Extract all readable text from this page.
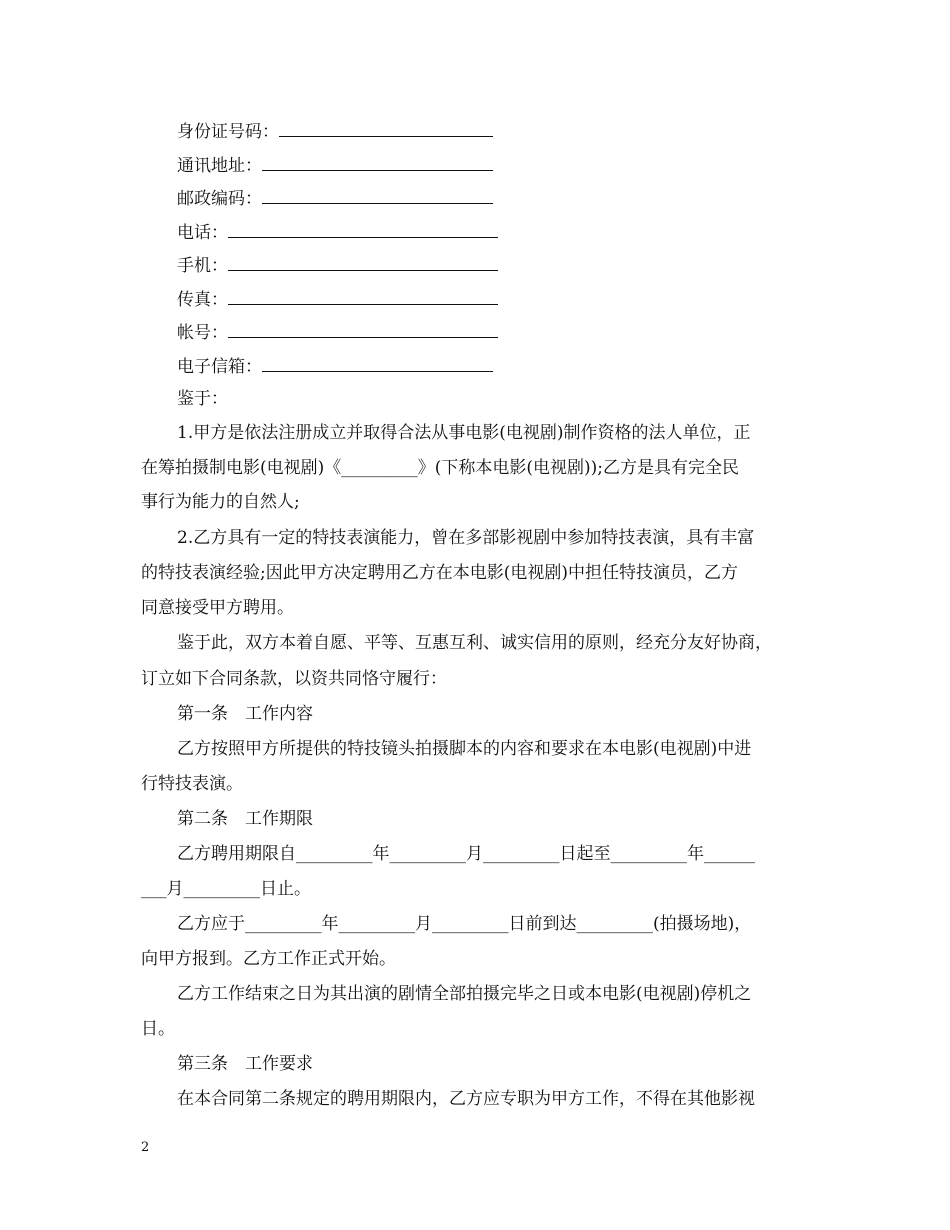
身份证号码：
通讯地址：
邮政编码：
电话：
手机：
传真：
帐号：
电子信箱：
鉴于：
1.甲方是依法注册成立并取得合法从事电影(电视剧)制作资格的法人单位，正
在筹拍摄制电影(电视剧)《_________》(下称本电影(电视剧));乙方是具有完全民
事行为能力的自然人;
2.乙方具有一定的特技表演能力，曾在多部影视剧中参加特技表演，具有丰富
的特技表演经验;因此甲方决定聘用乙方在本电影(电视剧)中担任特技演员，乙方
同意接受甲方聘用。
鉴于此，双方本着自愿、平等、互惠互利、诚实信用的原则，经充分友好协商，
订立如下合同条款，以资共同恪守履行：
第一条　工作内容
乙方按照甲方所提供的特技镜头拍摄脚本的内容和要求在本电影(电视剧)中进
行特技表演。
第二条　工作期限
乙方聘用期限自_________年_________月_________日起至_________年______
___月_________日止。
乙方应于_________年_________月_________日前到达_________(拍摄场地)，
向甲方报到。乙方工作正式开始。
乙方工作结束之日为其出演的剧情全部拍摄完毕之日或本电影(电视剧)停机之
日。
第三条　工作要求
在本合同第二条规定的聘用期限内，乙方应专职为甲方工作，不得在其他影视
2
